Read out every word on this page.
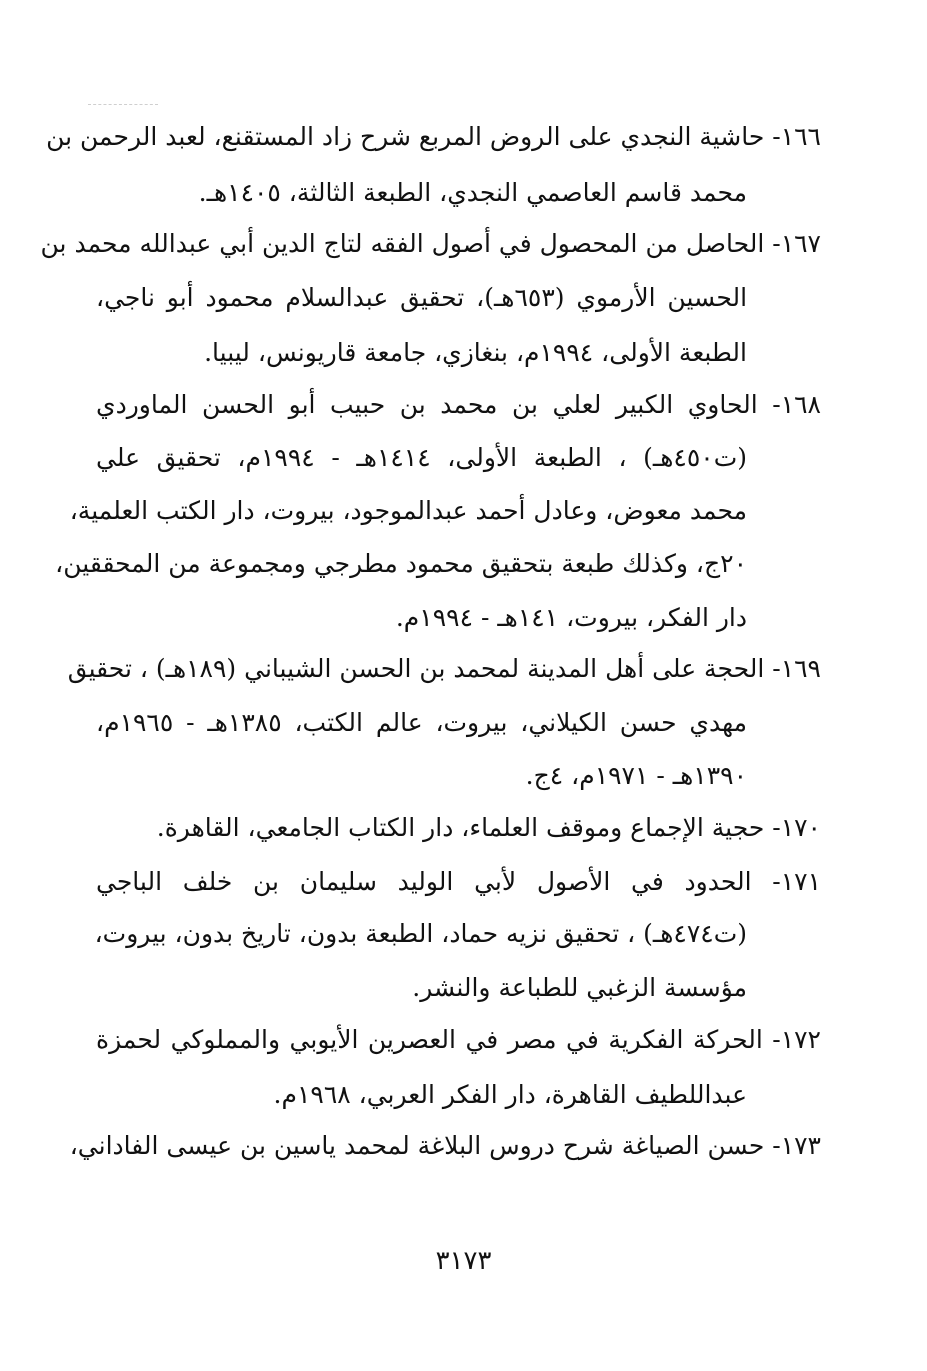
١٦٦- حاشية النجدي على الروض المربع شرح زاد المستقنع، لعبد الرحمن بن
محمد قاسم العاصمي النجدي، الطبعة الثالثة، ١٤٠٥هـ.
١٦٧- الحاصل من المحصول في أصول الفقه لتاج الدين أبي عبدالله محمد بن
الحسين الأرموي (٦٥٣هـ)، تحقيق عبدالسلام محمود أبو ناجي،
الطبعة الأولى، ١٩٩٤م، بنغازي، جامعة قاريونس، ليبيا.
١٦٨- الحاوي الكبير لعلي بن محمد بن حبيب أبو الحسن الماوردي
(ت٤٥٠هـ) ، الطبعة الأولى، ١٤١٤هـ - ١٩٩٤م، تحقيق علي
محمد معوض، وعادل أحمد عبدالموجود، بيروت، دار الكتب العلمية،
٢٠ج، وكذلك طبعة بتحقيق محمود مطرجي ومجموعة من المحققين،
دار الفكر، بيروت، ١٤١هـ - ١٩٩٤م.
١٦٩- الحجة على أهل المدينة لمحمد بن الحسن الشيباني (١٨٩هـ) ، تحقيق
مهدي حسن الكيلاني، بيروت، عالم الكتب، ١٣٨٥هـ - ١٩٦٥م،
١٣٩٠هـ - ١٩٧١م، ٤ج.
١٧٠- حجية الإجماع وموقف العلماء، دار الكتاب الجامعي، القاهرة.
١٧١- الحدود في الأصول لأبي الوليد سليمان بن خلف الباجي
(ت٤٧٤هـ) ، تحقيق نزيه حماد، الطبعة بدون، تاريخ بدون، بيروت،
مؤسسة الزغبي للطباعة والنشر.
١٧٢- الحركة الفكرية في مصر في العصرين الأيوبي والمملوكي لحمزة
عبداللطيف القاهرة، دار الفكر العربي، ١٩٦٨م.
١٧٣- حسن الصياغة شرح دروس البلاغة لمحمد ياسين بن عيسى الفاداني،
٣١٧٣
